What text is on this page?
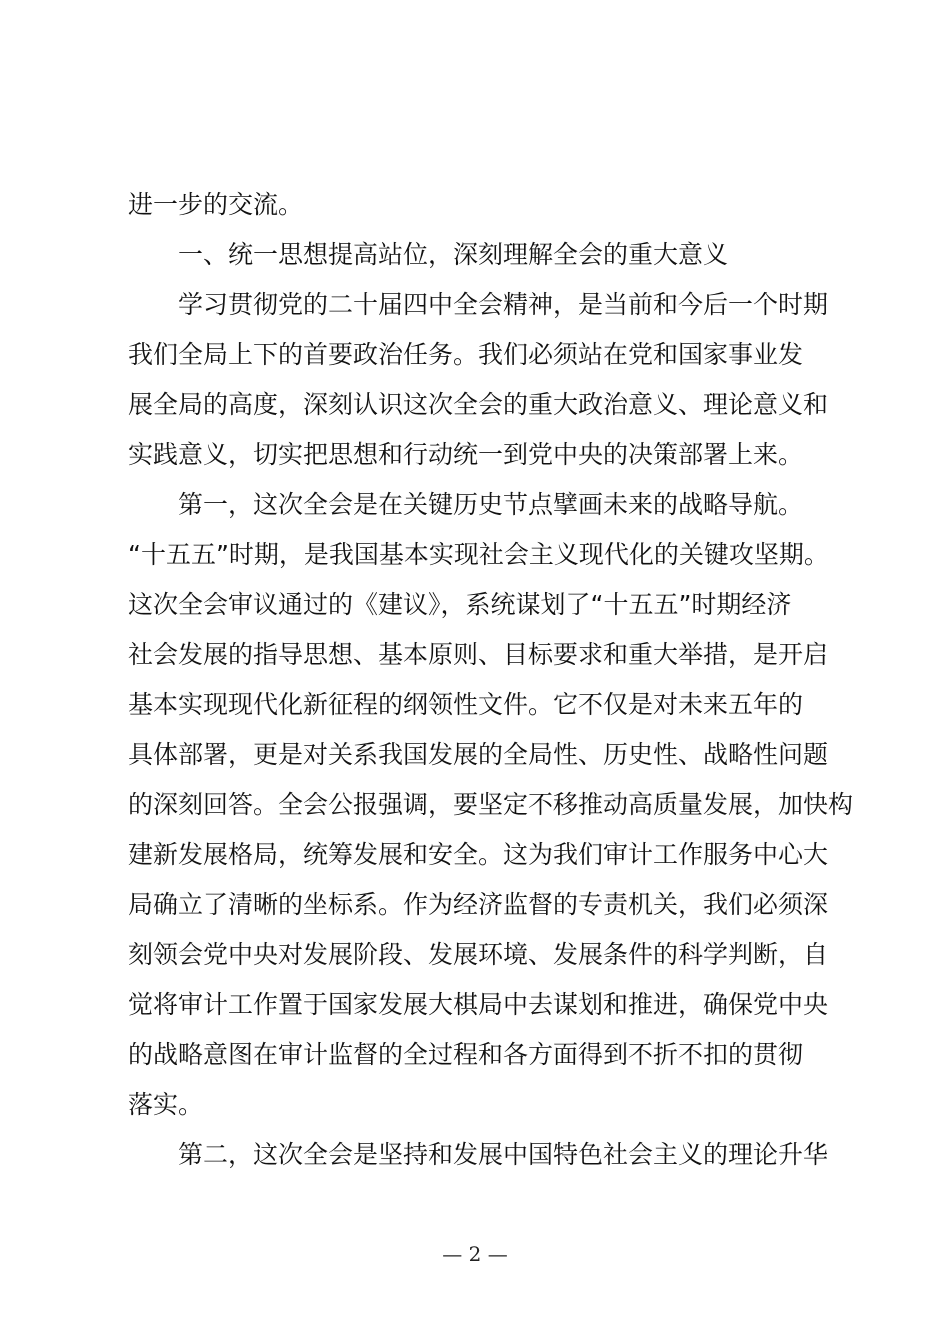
进一步的交流。
一、统一思想提高站位，深刻理解全会的重大意义
学习贯彻党的二十届四中全会精神，是当前和今后一个时期
我们全局上下的首要政治任务。我们必须站在党和国家事业发
展全局的高度，深刻认识这次全会的重大政治意义、理论意义和
实践意义，切实把思想和行动统一到党中央的决策部署上来。
第一，这次全会是在关键历史节点擘画未来的战略导航。
“十五五”时期，是我国基本实现社会主义现代化的关键攻坚期。
这次全会审议通过的《建议》，系统谋划了“十五五”时期经济
社会发展的指导思想、基本原则、目标要求和重大举措，是开启
基本实现现代化新征程的纲领性文件。它不仅是对未来五年的
具体部署，更是对关系我国发展的全局性、历史性、战略性问题
的深刻回答。全会公报强调，要坚定不移推动高质量发展，加快构
建新发展格局，统筹发展和安全。这为我们审计工作服务中心大
局确立了清晰的坐标系。作为经济监督的专责机关，我们必须深
刻领会党中央对发展阶段、发展环境、发展条件的科学判断，自
觉将审计工作置于国家发展大棋局中去谋划和推进，确保党中央
的战略意图在审计监督的全过程和各方面得到不折不扣的贯彻
落实。
第二，这次全会是坚持和发展中国特色社会主义的理论升华
— 2 —
